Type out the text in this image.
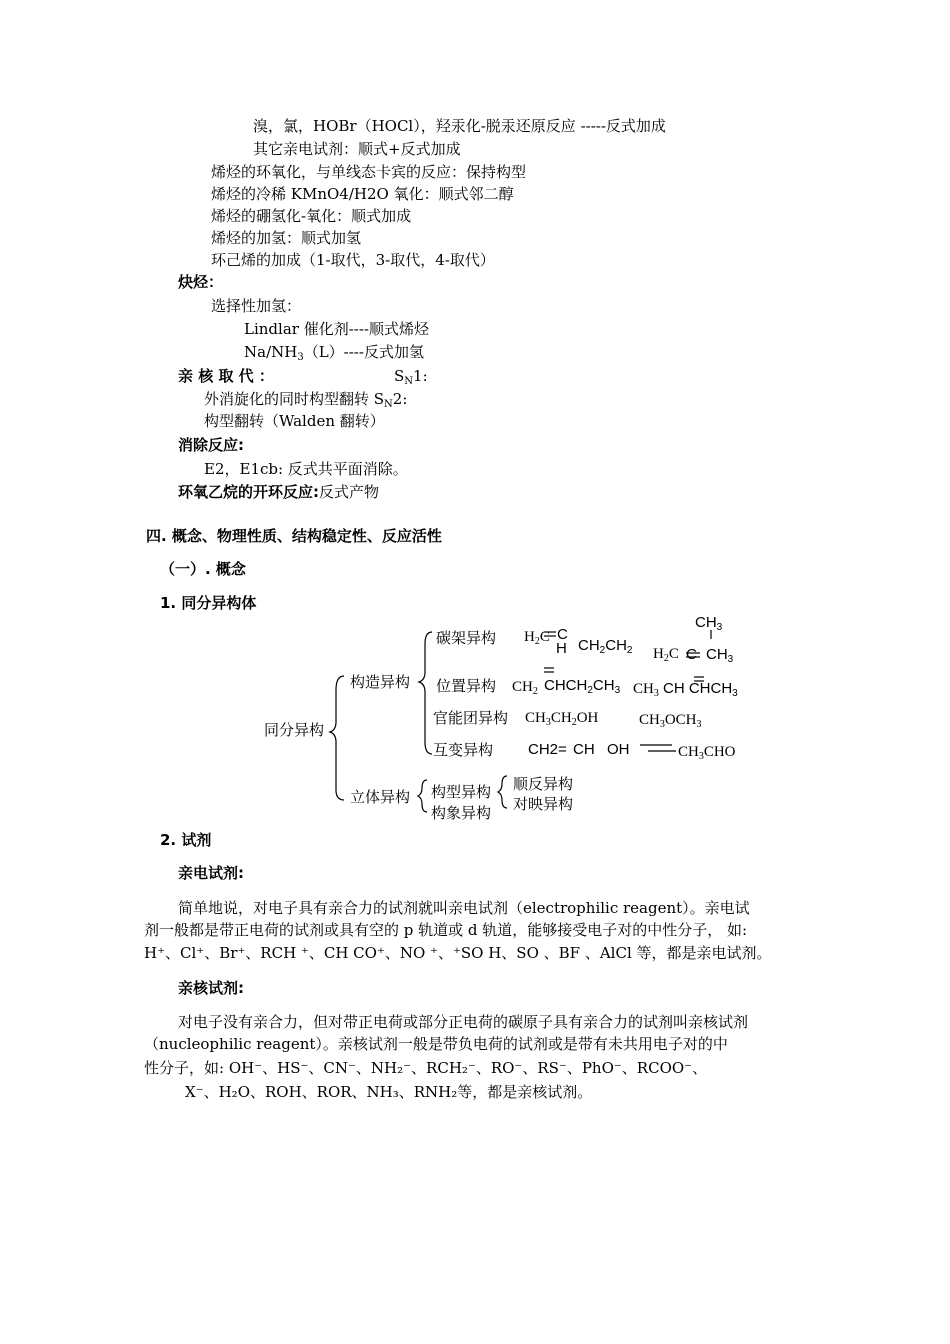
溴，氯，HOBr（HOCl），羟汞化-脱汞还原反应 -----反式加成
其它亲电试剂：顺式+反式加成
烯烃的环氧化，与单线态卡宾的反应：保持构型
烯烃的冷稀 KMnO4/H2O 氧化：顺式邻二醇
烯烃的硼氢化-氧化：顺式加成
烯烃的加氢：顺式加氢
环己烯的加成（1-取代，3-取代，4-取代）
炔烃：
选择性加氢：
Lindlar 催化剂----顺式烯烃
$Na/NH_3(L)----$反式加氢
亲 核 取 代 ：	$S_N1$:
外消旋化的同时构型翻转 $S_N2$:
构型翻转（Walden 翻转）
消除反应:
E2，E1cb: 反式共平面消除。
环氧乙烷的开环反应:反式产物
四. 概念、物理性质、结构稳定性、反应活性
（一）. 概念
1. 同分异构体
同分异构
构造异构
立体异构
碳架异构
位置异构
官能团异构
互变异构
构型异构
构象异构
顺反异构
对映异构
$H_2C$ C
H $CH_2CH_2$
$CH_3$
$H_2C$ C $CH_3$
$CH_2$ $CHCH_2CH_3$ $CH_3$ CH $CHCH_3$
$CH_3CH_2OH$	$CH_3OCH_3$
CH2= CH OH	$CH_3CHO$
2. 试剂
亲电试剂:
简单地说，对电子具有亲合力的试剂就叫亲电试剂（electrophilic reagent）。亲电试
剂一般都是带正电荷的试剂或具有空的 p 轨道或 d 轨道，能够接受电子对的中性分子， 如:
H⁺、Cl⁺、Br⁺、RCH ⁺、CH CO⁺、NO ⁺、⁺SO H、SO 、BF 、AlCl 等，都是亲电试剂。
亲核试剂:
对电子没有亲合力，但对带正电荷或部分正电荷的碳原子具有亲合力的试剂叫亲核试剂
（nucleophilic reagent）。亲核试剂一般是带负电荷的试剂或是带有未共用电子对的中
性分子，如: OH⁻、HS⁻、CN⁻、NH₂⁻、RCH₂⁻、RO⁻、RS⁻、PhO⁻、RCOO⁻、
X⁻、H₂O、ROH、ROR、NH₃、RNH₂等，都是亲核试剂。
